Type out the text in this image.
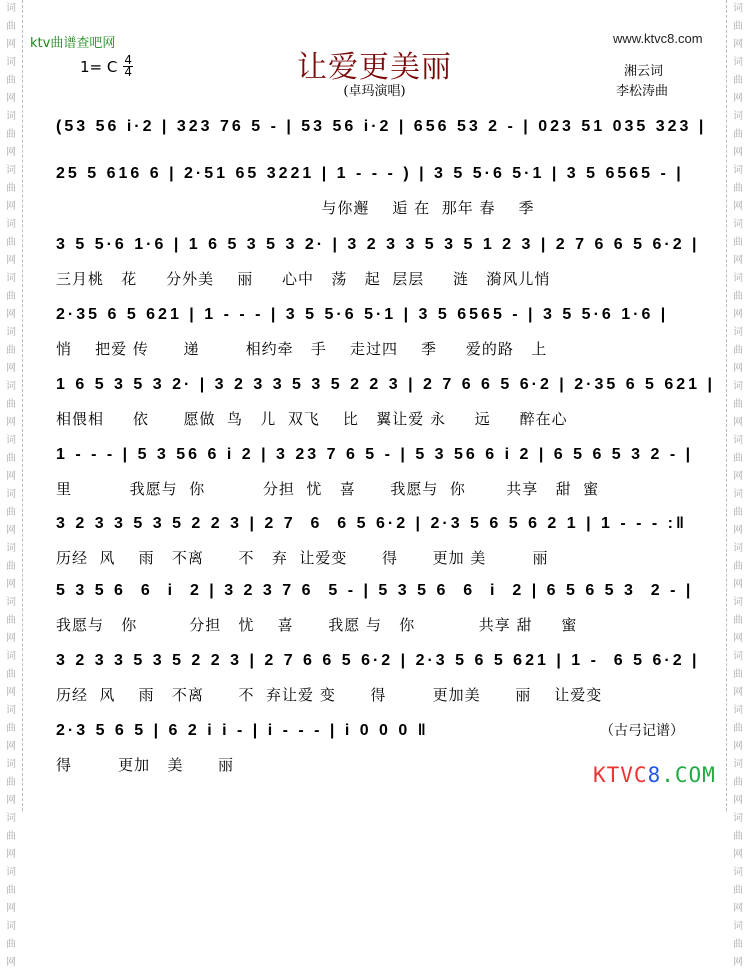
词
曲
网
词
曲
网
词
曲
网
词
曲
网
词
曲
网
词
曲
网
词
曲
网
词
曲
网
词
曲
网
词
曲
网
词
曲
网
词
曲
网
词
曲
网
词
曲
网
词
曲
网
词
曲
网
词
曲
网
词
曲
网
词
曲
网
词
曲
网
词
曲
网
词
曲
网
词
曲
网
词
曲
网
词
曲
网
词
曲
网
词
曲
网
词
曲
网
词
曲
网
词
曲
网
词
曲
网
词
曲
网
词
曲
网
词
曲
网
词
曲
网
词
曲
网
ktv曲谱查吧网	www.ktvc8.com
1= C $\frac{4}{4}$	让爱更美丽
(卓玛演唱)
湘云词
李松涛曲
(53 56 i·2 | 323 76 5 - | 53 56 i·2 | 656 53 2 - | 023 51 035 323 |
25 5 616 6 | 2·51 65 3221 | 1 - - - ) | 3 5 5·6 5·1 | 3 5 6565 - |
与你邂    逅 在  那年 春    季
3 5 5·6 1·6 | 1 6 5 3 5 3 2· | 3 2 3 3 5 3 5 1 2 3 | 2 7 6 6 5 6·2 |
三月桃   花     分外美    丽     心中   荡   起  层层     涟   漪风儿悄
2·35 6 5 621 | 1 - - - | 3 5 5·6 5·1 | 3 5 6565 - | 3 5 5·6 1·6 |
悄    把爱 传      递        相约牵   手    走过四    季     爱的路   上
1 6 5 3 5 3 2· | 3 2 3 3 5 3 5 2 2 3 | 2 7 6 6 5 6·2 | 2·35 6 5 621 |
相偎相     依      愿做  鸟   儿  双飞    比   翼让爱 永     远     醉在心
1 - - - | 5 3 56 6 i 2 | 3 23 7 6 5 - | 5 3 56 6 i 2 | 6 5 6 5 3 2 - |
里          我愿与  你          分担  忧   喜      我愿与  你       共享   甜  蜜
3 2 3 3 5 3 5 2 2 3 | 2 7  6  6 5 6·2 | 2·3 5 6 5 6 2 1 | 1 - - - :‖
历经  风    雨   不离      不   弃  让爱变      得      更加 美        丽
5 3 5 6  6  i  2 | 3 2 3 7 6  5 - | 5 3 5 6  6  i  2 | 6 5 6 5 3  2 - |
我愿与   你         分担   忧    喜      我愿 与   你           共享 甜     蜜
3 2 3 3 5 3 5 2 2 3 | 2 7 6 6 5 6·2 | 2·3 5 6 5 621 | 1 -  6 5 6·2 |
历经  风    雨   不离      不  弃让爱 变      得        更加美      丽    让爱变
2·3 5 6 5 | 6 2 i i - | i - - - | i 0 0 0 ‖
得        更加   美      丽
（古弓记谱）
KTVC8.COM
